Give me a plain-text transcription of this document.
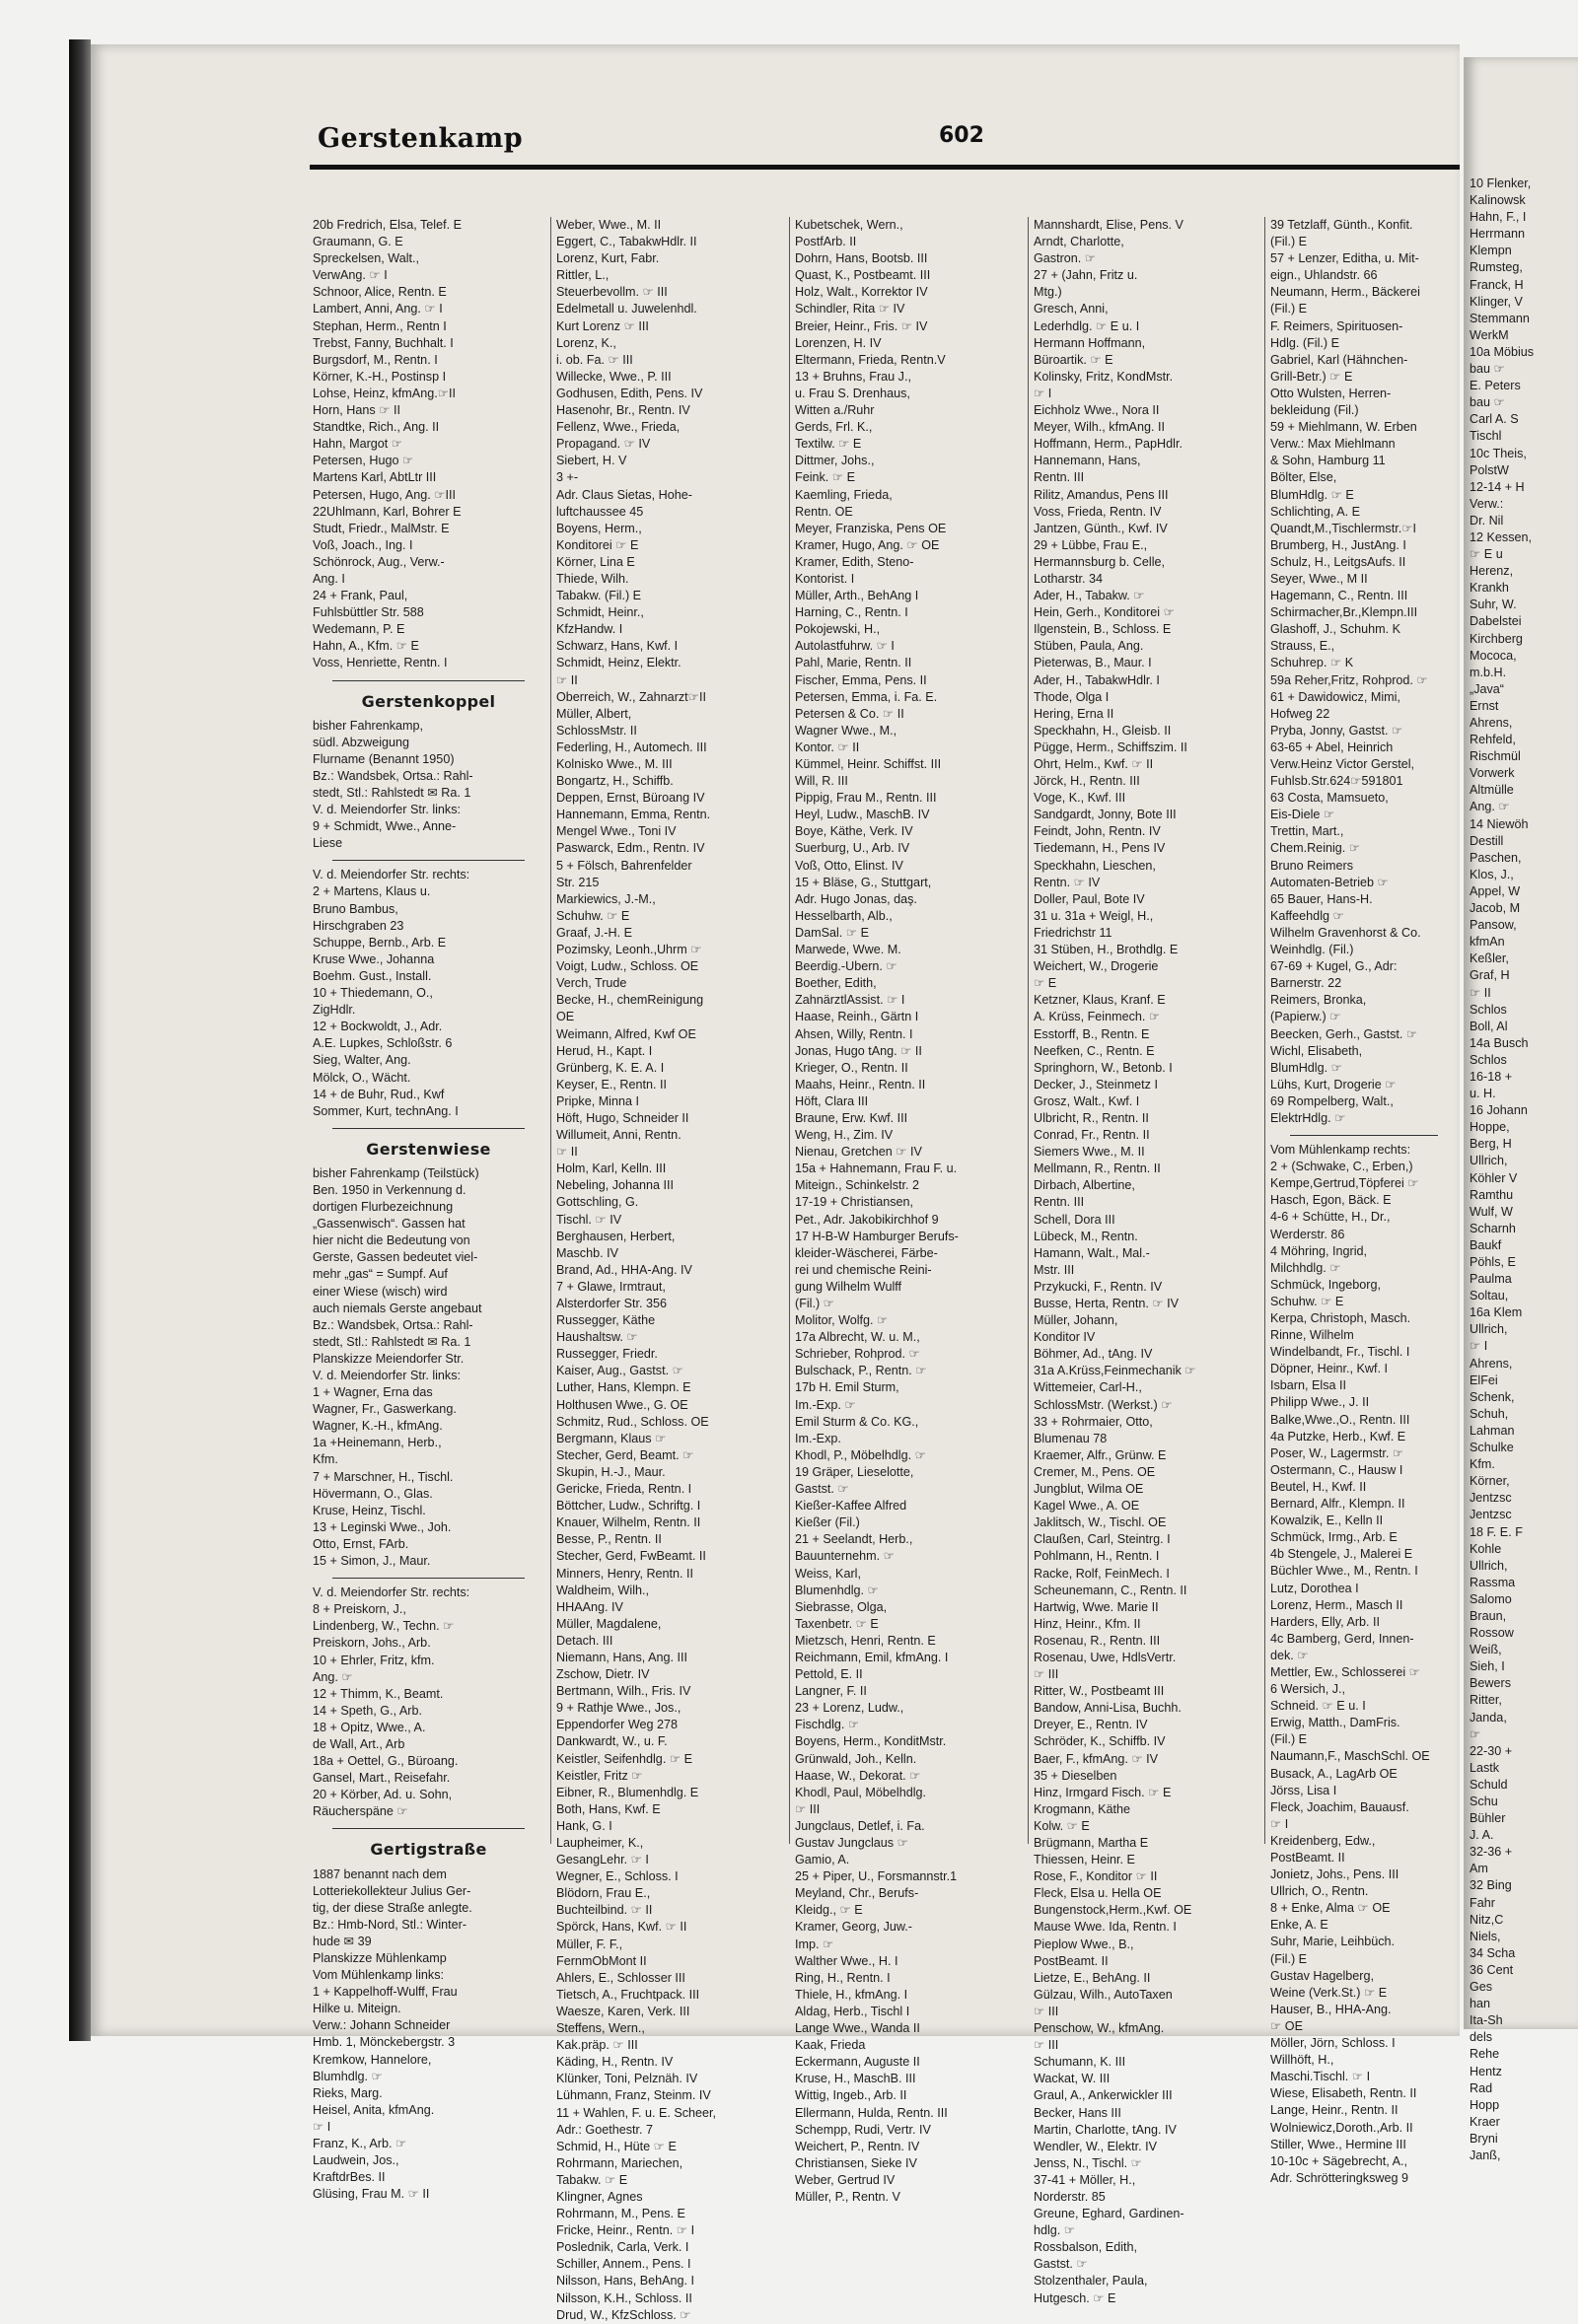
Gerstenkamp	602
20b Fredrich, Elsa, Telef. E
Graumann, G. E
Spreckelsen, Walt.,
VerwAng. ☞ I
Schnoor, Alice, Rentn. E
Lambert, Anni, Ang. ☞ I
Stephan, Herm., Rentn I
Trebst, Fanny, Buchhalt. I
Burgsdorf, M., Rentn. I
Körner, K.-H., Postinsp I
Lohse, Heinz, kfmAng.☞II
Horn, Hans ☞ II
Standtke, Rich., Ang. II
Hahn, Margot ☞
Petersen, Hugo ☞
Martens Karl, AbtLtr III
Petersen, Hugo, Ang. ☞III
22Uhlmann, Karl, Bohrer E
Studt, Friedr., MalMstr. E
Voß, Joach., Ing. I
Schönrock, Aug., Verw.-
Ang. I
24 + Frank, Paul,
Fuhlsbüttler Str. 588
Wedemann, P. E
Hahn, A., Kfm. ☞ E
Voss, Henriette, Rentn. I
Gerstenkoppel
bisher Fahrenkamp,
südl. Abzweigung
Flurname (Benannt 1950)
Bz.: Wandsbek, Ortsa.: Rahl-
stedt, Stl.: Rahlstedt ✉ Ra. 1
V. d. Meiendorfer Str. links:
9 + Schmidt, Wwe., Anne-
Liese
V. d. Meiendorfer Str. rechts:
2 + Martens, Klaus u.
Bruno Bambus,
Hirschgraben 23
Schuppe, Bernb., Arb. E
Kruse Wwe., Johanna
Boehm. Gust., Install.
10 + Thiedemann, O.,
ZigHdlr.
12 + Bockwoldt, J., Adr.
A.E. Lupkes, Schloßstr. 6
Sieg, Walter, Ang.
Mölck, O., Wächt.
14 + de Buhr, Rud., Kwf
Sommer, Kurt, technAng. I
Gerstenwiese
bisher Fahrenkamp (Teilstück)
Ben. 1950 in Verkennung d.
dortigen Flurbezeichnung
„Gassenwisch“. Gassen hat
hier nicht die Bedeutung von
Gerste, Gassen bedeutet viel-
mehr „gas“ = Sumpf. Auf
einer Wiese (wisch) wird
auch niemals Gerste angebaut
Bz.: Wandsbek, Ortsa.: Rahl-
stedt, Stl.: Rahlstedt ✉ Ra. 1
Planskizze Meiendorfer Str.
V. d. Meiendorfer Str. links:
1 + Wagner, Erna das
Wagner, Fr., Gaswerkang.
Wagner, K.-H., kfmAng.
1a +Heinemann, Herb.,
Kfm.
7 + Marschner, H., Tischl.
Hövermann, O., Glas.
Kruse, Heinz, Tischl.
13 + Leginski Wwe., Joh.
Otto, Ernst, FArb.
15 + Simon, J., Maur.
V. d. Meiendorfer Str. rechts:
8 + Preiskorn, J.,
Lindenberg, W., Techn. ☞
Preiskorn, Johs., Arb.
10 + Ehrler, Fritz, kfm.
Ang. ☞
12 + Thimm, K., Beamt.
14 + Speth, G., Arb.
18 + Opitz, Wwe., A.
de Wall, Art., Arb
18a + Oettel, G., Büroang.
Gansel, Mart., Reisefahr.
20 + Körber, Ad. u. Sohn,
Räucherspäne ☞
Gertigstraße
1887 benannt nach dem
Lotteriekollekteur Julius Ger-
tig, der diese Straße anlegte.
Bz.: Hmb-Nord, Stl.: Winter-
hude ✉ 39
Planskizze Mühlenkamp
Vom Mühlenkamp links:
1 + Kappelhoff-Wulff, Frau
Hilke u. Miteign.
Verw.: Johann Schneider
Hmb. 1, Mönckebergstr. 3
Kremkow, Hannelore,
Blumhdlg. ☞
Rieks, Marg.
Heisel, Anita, kfmAng.
☞ I
Franz, K., Arb. ☞
Laudwein, Jos.,
KraftdrBes. II
Glüsing, Frau M. ☞ II
Weber, Wwe., M. II
Eggert, C., TabakwHdlr. II
Lorenz, Kurt, Fabr.
Rittler, L.,
Steuerbevollm. ☞ III
Edelmetall u. Juwelenhdl.
Kurt Lorenz ☞ III
Lorenz, K.,
i. ob. Fa. ☞ III
Willecke, Wwe., P. III
Godhusen, Edith, Pens. IV
Hasenohr, Br., Rentn. IV
Fellenz, Wwe., Frieda,
Propagand. ☞ IV
Siebert, H. V
3 +-
Adr. Claus Sietas, Hohe-
luftchaussee 45
Boyens, Herm.,
Konditorei ☞ E
Körner, Lina E
Thiede, Wilh.
Tabakw. (Fil.) E
Schmidt, Heinr.,
KfzHandw. I
Schwarz, Hans, Kwf. I
Schmidt, Heinz, Elektr.
☞ II
Oberreich, W., Zahnarzt☞II
Müller, Albert,
SchlossMstr. II
Federling, H., Automech. III
Kolnisko Wwe., M. III
Bongartz, H., Schiffb.
Deppen, Ernst, Büroang IV
Hannemann, Emma, Rentn.
Mengel Wwe., Toni IV
Paswarck, Edm., Rentn. IV
5 + Fölsch, Bahrenfelder
Str. 215
Markiewics, J.-M.,
Schuhw. ☞ E
Graaf, J.-H. E
Pozimsky, Leonh.,Uhrm ☞
Voigt, Ludw., Schloss. OE
Verch, Trude
Becke, H., chemReinigung
OE
Weimann, Alfred, Kwf OE
Herud, H., Kapt. I
Grünberg, K. E. A. I
Keyser, E., Rentn. II
Pripke, Minna I
Höft, Hugo, Schneider II
Willumeit, Anni, Rentn.
☞ II
Holm, Karl, Kelln. III
Nebeling, Johanna III
Gottschling, G.
Tischl. ☞ IV
Berghausen, Herbert,
Maschb. IV
Brand, Ad., HHA-Ang. IV
7 + Glawe, Irmtraut,
Alsterdorfer Str. 356
Russegger, Käthe
Haushaltsw. ☞
Russegger, Friedr.
Kaiser, Aug., Gastst. ☞
Luther, Hans, Klempn. E
Holthusen Wwe., G. OE
Schmitz, Rud., Schloss. OE
Bergmann, Klaus ☞
Stecher, Gerd, Beamt. ☞
Skupin, H.-J., Maur.
Gericke, Frieda, Rentn. I
Böttcher, Ludw., Schriftg. I
Knauer, Wilhelm, Rentn. II
Besse, P., Rentn. II
Stecher, Gerd, FwBeamt. II
Minners, Henry, Rentn. II
Waldheim, Wilh.,
HHAAng. IV
Müller, Magdalene,
Detach. III
Niemann, Hans, Ang. III
Zschow, Dietr. IV
Bertmann, Wilh., Fris. IV
9 + Rathje Wwe., Jos.,
Eppendorfer Weg 278
Dankwardt, W., u. F.
Keistler, Seifenhdlg. ☞ E
Keistler, Fritz ☞
Eibner, R., Blumenhdlg. E
Both, Hans, Kwf. E
Hank, G. I
Laupheimer, K.,
GesangLehr. ☞ I
Wegner, E., Schloss. I
Blödorn, Frau E.,
Buchteilbind. ☞ II
Spörck, Hans, Kwf. ☞ II
Müller, F. F.,
FernmObMont II
Ahlers, E., Schlosser III
Tietsch, A., Fruchtpack. III
Waesze, Karen, Verk. III
Steffens, Wern.,
Kak.präp. ☞ III
Käding, H., Rentn. IV
Klünker, Toni, Pelznäh. IV
Lühmann, Franz, Steinm. IV
11 + Wahlen, F. u. E. Scheer,
Adr.: Goethestr. 7
Schmid, H., Hüte ☞ E
Rohrmann, Mariechen,
Tabakw. ☞ E
Klingner, Agnes
Rohrmann, M., Pens. E
Fricke, Heinr., Rentn. ☞ I
Poslednik, Carla, Verk. I
Schiller, Annem., Pens. I
Nilsson, Hans, BehAng. I
Nilsson, K.H., Schloss. II
Drud, W., KfzSchloss. ☞
Kubetschek, Wern.,
PostfArb. II
Dohrn, Hans, Bootsb. III
Quast, K., Postbeamt. III
Holz, Walt., Korrektor IV
Schindler, Rita ☞ IV
Breier, Heinr., Fris. ☞ IV
Lorenzen, H. IV
Eltermann, Frieda, Rentn.V
13 + Bruhns, Frau J.,
u. Frau S. Drenhaus,
Witten a./Ruhr
Gerds, Frl. K.,
Textilw. ☞ E
Dittmer, Johs.,
Feink. ☞ E
Kaemling, Frieda,
Rentn. OE
Meyer, Franziska, Pens OE
Kramer, Hugo, Ang. ☞ OE
Kramer, Edith, Steno-
Kontorist. I
Müller, Arth., BehAng I
Harning, C., Rentn. I
Pokojewski, H.,
Autolastfuhrw. ☞ I
Pahl, Marie, Rentn. II
Fischer, Emma, Pens. II
Petersen, Emma, i. Fa. E.
Petersen & Co. ☞ II
Wagner Wwe., M.,
Kontor. ☞ II
Kümmel, Heinr. Schiffst. III
Will, R. III
Pippig, Frau M., Rentn. III
Heyl, Ludw., MaschB. IV
Boye, Käthe, Verk. IV
Suerburg, U., Arb. IV
Voß, Otto, Elinst. IV
15 + Bläse, G., Stuttgart,
Adr. Hugo Jonas, daş.
Hesselbarth, Alb.,
DamSal. ☞ E
Marwede, Wwe. M.
Beerdig.-Ubern. ☞
Boether, Edith,
ZahnärztlAssist. ☞ I
Haase, Reinh., Gärtn I
Ahsen, Willy, Rentn. I
Jonas, Hugo tAng. ☞ II
Krieger, O., Rentn. II
Maahs, Heinr., Rentn. II
Höft, Clara III
Braune, Erw. Kwf. III
Weng, H., Zim. IV
Nienau, Gretchen ☞ IV
15a + Hahnemann, Frau F. u.
Miteign., Schinkelstr. 2
17-19 + Christiansen,
Pet., Adr. Jakobikirchhof 9
17 H-B-W Hamburger Berufs-
kleider-Wäscherei, Färbe-
rei und chemische Reini-
gung Wilhelm Wulff
(Fil.) ☞
Molitor, Wolfg. ☞
17a Albrecht, W. u. M.,
Schrieber, Rohprod. ☞
Bulschack, P., Rentn. ☞
17b H. Emil Sturm,
Im.-Exp. ☞
Emil Sturm & Co. KG.,
Im.-Exp.
Khodl, P., Möbelhdlg. ☞
19 Gräper, Lieselotte,
Gastst. ☞
Kießer-Kaffee Alfred
Kießer (Fil.)
21 + Seelandt, Herb.,
Bauunternehm. ☞
Weiss, Karl,
Blumenhdlg. ☞
Siebrasse, Olga,
Taxenbetr. ☞ E
Mietzsch, Henri, Rentn. E
Reichmann, Emil, kfmAng. I
Pettold, E. II
Langner, F. II
23 + Lorenz, Ludw.,
Fischdlg. ☞
Boyens, Herm., KonditMstr.
Grünwald, Joh., Kelln.
Haase, W., Dekorat. ☞
Khodl, Paul, Möbelhdlg.
☞ III
Jungclaus, Detlef, i. Fa.
Gustav Jungclaus ☞
Gamio, A.
25 + Piper, U., Forsmannstr.1
Meyland, Chr., Berufs-
Kleidg., ☞ E
Kramer, Georg, Juw.-
Imp. ☞
Walther Wwe., H. I
Ring, H., Rentn. I
Thiele, H., kfmAng. I
Aldag, Herb., Tischl I
Lange Wwe., Wanda II
Kaak, Frieda
Eckermann, Auguste II
Kruse, H., MaschB. III
Wittig, Ingeb., Arb. II
Ellermann, Hulda, Rentn. III
Schempp, Rudi, Vertr. IV
Weichert, P., Rentn. IV
Christiansen, Sieke IV
Weber, Gertrud IV
Müller, P., Rentn. V
Mannshardt, Elise, Pens. V
Arndt, Charlotte,
Gastron. ☞
27 + (Jahn, Fritz u.
Mtg.)
Gresch, Anni,
Lederhdlg. ☞ E u. I
Hermann Hoffmann,
Büroartik. ☞ E
Kolinsky, Fritz, KondMstr.
☞ I
Eichholz Wwe., Nora II
Meyer, Wilh., kfmAng. II
Hoffmann, Herm., PapHdlr.
Hannemann, Hans,
Rentn. III
Rilitz, Amandus, Pens III
Voss, Frieda, Rentn. IV
Jantzen, Günth., Kwf. IV
29 + Lübbe, Frau E.,
Hermannsburg b. Celle,
Lotharstr. 34
Ader, H., Tabakw. ☞
Hein, Gerh., Konditorei ☞
Ilgenstein, B., Schloss. E
Stüben, Paula, Ang.
Pieterwas, B., Maur. I
Ader, H., TabakwHdlr. I
Thode, Olga I
Hering, Erna II
Speckhahn, H., Gleisb. II
Pügge, Herm., Schiffszim. II
Ohrt, Helm., Kwf. ☞ II
Jörck, H., Rentn. III
Voge, K., Kwf. III
Sandgardt, Jonny, Bote III
Feindt, John, Rentn. IV
Tiedemann, H., Pens IV
Speckhahn, Lieschen,
Rentn. ☞ IV
Doller, Paul, Bote IV
31 u. 31a + Weigl, H.,
Friedrichstr 11
31 Stüben, H., Brothdlg. E
Weichert, W., Drogerie
☞ E
Ketzner, Klaus, Kranf. E
A. Krüss, Feinmech. ☞
Esstorff, B., Rentn. E
Neefken, C., Rentn. E
Springhorn, W., Betonb. I
Decker, J., Steinmetz I
Grosz, Walt., Kwf. I
Ulbricht, R., Rentn. II
Conrad, Fr., Rentn. II
Siemers Wwe., M. II
Mellmann, R., Rentn. II
Dirbach, Albertine,
Rentn. III
Schell, Dora III
Lübeck, M., Rentn.
Hamann, Walt., Mal.-
Mstr. III
Przykucki, F., Rentn. IV
Busse, Herta, Rentn. ☞ IV
Müller, Johann,
Konditor IV
Böhmer, Ad., tAng. IV
31a A.Krüss,Feinmechanik ☞
Wittemeier, Carl-H.,
SchlossMstr. (Werkst.) ☞
33 + Rohrmaier, Otto,
Blumenau 78
Kraemer, Alfr., Grünw. E
Cremer, M., Pens. OE
Jungblut, Wilma OE
Kagel Wwe., A. OE
Jaklitsch, W., Tischl. OE
Claußen, Carl, Steintrg. I
Pohlmann, H., Rentn. I
Racke, Rolf, FeinMech. I
Scheunemann, C., Rentn. II
Hartwig, Wwe. Marie II
Hinz, Heinr., Kfm. II
Rosenau, R., Rentn. III
Rosenau, Uwe, HdlsVertr.
☞ III
Ritter, W., Postbeamt III
Bandow, Anni-Lisa, Buchh.
Dreyer, E., Rentn. IV
Schröder, K., Schiffb. IV
Baer, F., kfmAng. ☞ IV
35 + Dieselben
Hinz, Irmgard Fisch. ☞ E
Krogmann, Käthe
Kolw. ☞ E
Brügmann, Martha E
Thiessen, Heinr. E
Rose, F., Konditor ☞ II
Fleck, Elsa u. Hella OE
Bungenstock,Herm.,Kwf. OE
Mause Wwe. Ida, Rentn. I
Pieplow Wwe., B.,
PostBeamt. II
Lietze, E., BehAng. II
Gülzau, Wilh., AutoTaxen
☞ III
Penschow, W., kfmAng.
☞ III
Schumann, K. III
Wackat, W. III
Graul, A., Ankerwickler III
Becker, Hans III
Martin, Charlotte, tAng. IV
Wendler, W., Elektr. IV
Jenss, N., Tischl. ☞
37-41 + Möller, H.,
Norderstr. 85
Greune, Eghard, Gardinen-
hdlg. ☞
Rossbalson, Edith,
Gastst. ☞
Stolzenthaler, Paula,
Hutgesch. ☞ E
39 Tetzlaff, Günth., Konfit.
(Fil.) E
57 + Lenzer, Editha, u. Mit-
eign., Uhlandstr. 66
Neumann, Herm., Bäckerei
(Fil.) E
F. Reimers, Spirituosen-
Hdlg. (Fil.) E
Gabriel, Karl (Hähnchen-
Grill-Betr.) ☞ E
Otto Wulsten, Herren-
bekleidung (Fil.)
59 + Miehlmann, W. Erben
Verw.: Max Miehlmann
& Sohn, Hamburg 11
Bölter, Else,
BlumHdlg. ☞ E
Schlichting, A. E
Quandt,M.,Tischlermstr.☞I
Brumberg, H., JustAng. I
Schulz, H., LeitgsAufs. II
Seyer, Wwe., M II
Hagemann, C., Rentn. III
Schirmacher,Br.,Klempn.III
Glashoff, J., Schuhm. K
Strauss, E.,
Schuhrep. ☞ K
59a Reher,Fritz, Rohprod. ☞
61 + Dawidowicz, Mimi,
Hofweg 22
Pryba, Jonny, Gastst. ☞
63-65 + Abel, Heinrich
Verw.Heinz Victor Gerstel,
Fuhlsb.Str.624☞591801
63 Costa, Mamsueto,
Eis-Diele ☞
Trettin, Mart.,
Chem.Reinig. ☞
Bruno Reimers
Automaten-Betrieb ☞
65 Bauer, Hans-H.
Kaffeehdlg ☞
Wilhelm Gravenhorst & Co.
Weinhdlg. (Fil.)
67-69 + Kugel, G., Adr:
Barnerstr. 22
Reimers, Bronka,
(Papierw.) ☞
Beecken, Gerh., Gastst. ☞
Wichl, Elisabeth,
BlumHdlg. ☞
Lühs, Kurt, Drogerie ☞
69 Rompelberg, Walt.,
ElektrHdlg. ☞
Vom Mühlenkamp rechts:
2 + (Schwake, C., Erben,)
Kempe,Gertrud,Töpferei ☞
Hasch, Egon, Bäck. E
4-6 + Schütte, H., Dr.,
Werderstr. 86
4 Möhring, Ingrid,
Milchhdlg. ☞
Schmück, Ingeborg,
Schuhw. ☞ E
Kerpa, Christoph, Masch.
Rinne, Wilhelm
Windelbandt, Fr., Tischl. I
Döpner, Heinr., Kwf. I
Isbarn, Elsa II
Philipp Wwe., J. II
Balke,Wwe.,O., Rentn. III
4a Putzke, Herb., Kwf. E
Poser, W., Lagermstr. ☞
Ostermann, C., Hausw I
Beutel, H., Kwf. II
Bernard, Alfr., Klempn. II
Kowalzik, E., Kelln II
Schmück, Irmg., Arb. E
4b Stengele, J., Malerei E
Büchler Wwe., M., Rentn. I
Lutz, Dorothea I
Lorenz, Herm., Masch II
Harders, Elly, Arb. II
4c Bamberg, Gerd, Innen-
dek. ☞
Mettler, Ew., Schlosserei ☞
6 Wersich, J.,
Schneid. ☞ E u. I
Erwig, Matth., DamFris.
(Fil.) E
Naumann,F., MaschSchl. OE
Busack, A., LagArb OE
Jörss, Lisa I
Fleck, Joachim, Bauausf.
☞ I
Kreidenberg, Edw.,
PostBeamt. II
Jonietz, Johs., Pens. III
Ullrich, O., Rentn.
8 + Enke, Alma ☞ OE
Enke, A. E
Suhr, Marie, Leihbüch.
(Fil.) E
Gustav Hagelberg,
Weine (Verk.St.) ☞ E
Hauser, B., HHA-Ang.
☞ OE
Möller, Jörn, Schloss. I
Willhöft, H.,
Maschi.Tischl. ☞ I
Wiese, Elisabeth, Rentn. II
Lange, Heinr., Rentn. II
Wolniewicz,Doroth.,Arb. II
Stiller, Wwe., Hermine III
10-10c + Sägebrecht, A.,
Adr. Schrötteringksweg 9
10 Flenker,
Kalinowsk
Hahn, F., I
Herrmann
Klempn
Rumsteg,
Franck, H
Klinger, V
Stemmann
WerkM
10a Möbius
bau ☞
E. Peters
bau ☞
Carl A. S
Tischl
10c Theis,
PolstW
12-14 + H
Verw.:
Dr. Nil
12 Kessen,
☞ E u
Herenz,
Krankh
Suhr, W.
Dabelstei
Kirchberg
Mococa,
m.b.H.
„Java“
Ernst
Ahrens,
Rehfeld,
Rischmül
Vorwerk
Altmülle
Ang. ☞
14 Niewöh
Destill
Paschen,
Klos, J.,
Appel, W
Jacob, M
Pansow,
kfmAn
Keßler,
Graf, H
☞ II
Schlos
Boll, Al
14a Busch
Schlos
16-18 +
u. H.
16 Johann
Hoppe,
Berg, H
Ullrich,
Köhler V
Ramthu
Wulf, W
Scharnh
Baukf
Pöhls, E
Paulma
Soltau,
16a Klem
Ullrich,
☞ I
Ahrens,
ElFei
Schenk,
Schuh,
Lahman
Schulke
Kfm.
Körner,
Jentzsc
Jentzsc
18 F. E. F
Kohle
Ullrich,
Rassma
Salomo
Braun,
Rossow
Weiß,
Sieh, I
Bewers
Ritter,
Janda,
☞
22-30 +
Lastk
Schuld
Schu
Bühler
J. A.
32-36 +
Am
32 Bing
Fahr
Nitz,C
Niels,
34 Scha
36 Cent
Ges
han
Ita-Sh
dels
Rehe
Hentz
Rad
Hopp
Kraer
Bryni
Janß,
